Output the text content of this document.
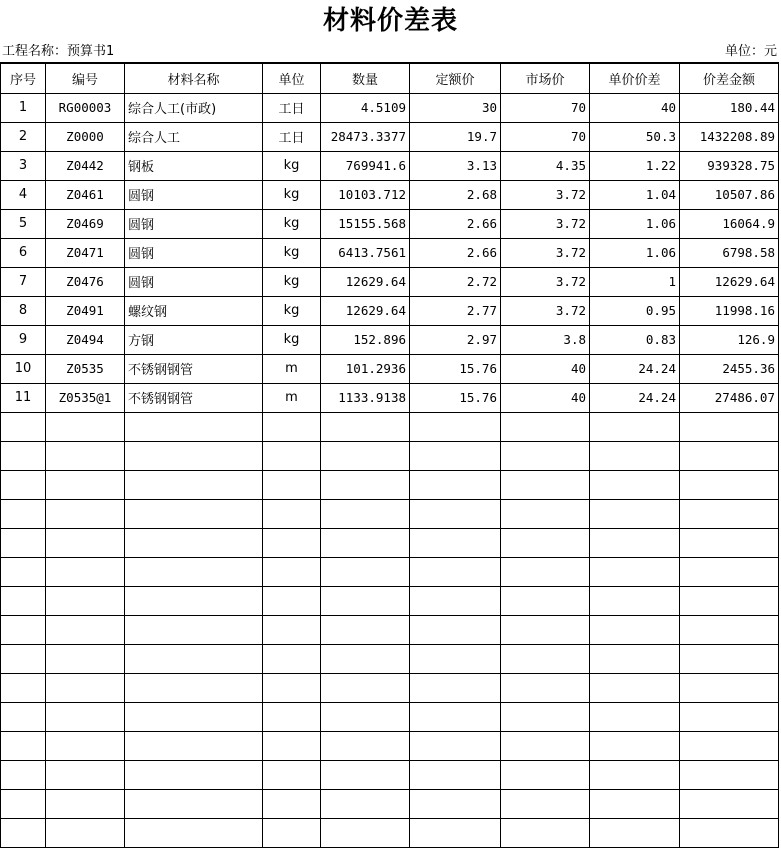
材料价差表
工程名称：预算书1	单位：元
序号	编号	材料名称	单位	数量	定额价	市场价	单价价差	价差金额
1	RG00003	综合人工(市政)	工日	4.5109	30	70	40	180.44
2	Z0000	综合人工	工日	28473.3377	19.7	70	50.3	1432208.89
3	Z0442	钢板	kg	769941.6	3.13	4.35	1.22	939328.75
4	Z0461	圆钢	kg	10103.712	2.68	3.72	1.04	10507.86
5	Z0469	圆钢	kg	15155.568	2.66	3.72	1.06	16064.9
6	Z0471	圆钢	kg	6413.7561	2.66	3.72	1.06	6798.58
7	Z0476	圆钢	kg	12629.64	2.72	3.72	1	12629.64
8	Z0491	螺纹钢	kg	12629.64	2.77	3.72	0.95	11998.16
9	Z0494	方钢	kg	152.896	2.97	3.8	0.83	126.9
10	Z0535	不锈钢钢管	m	101.2936	15.76	40	24.24	2455.36
11	Z0535@1	不锈钢钢管	m	1133.9138	15.76	40	24.24	27486.07
